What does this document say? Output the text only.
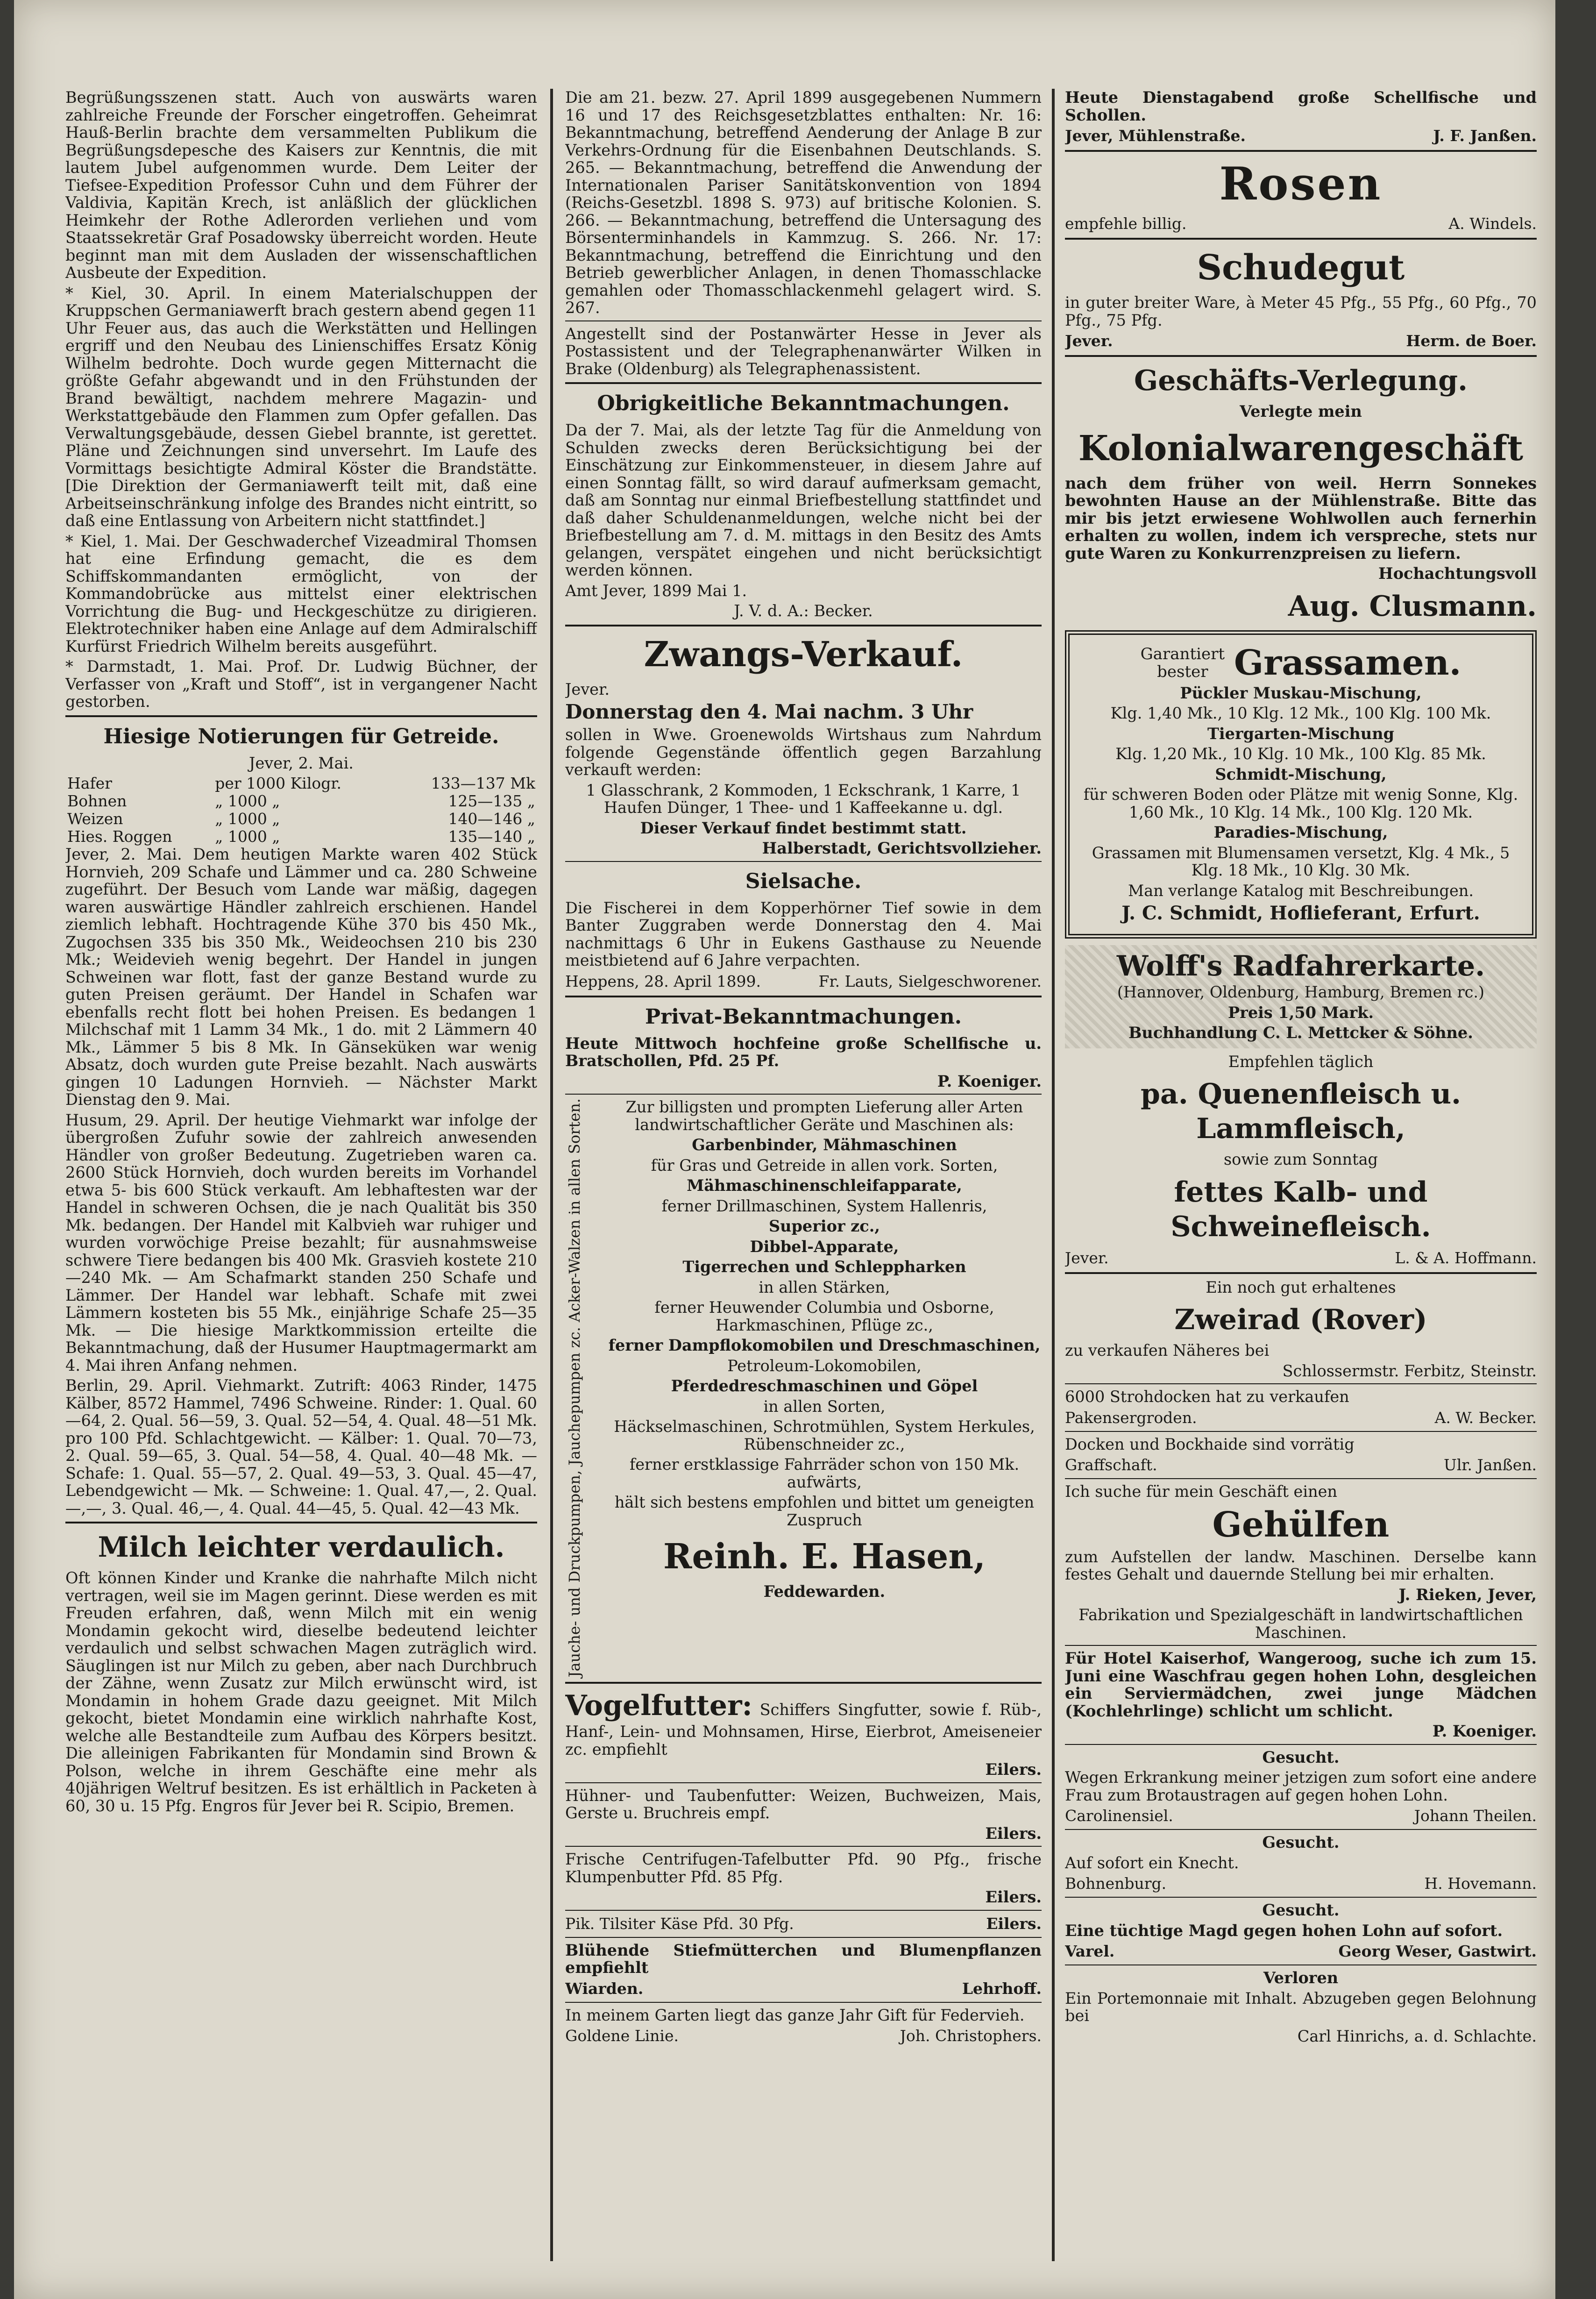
Begrüßungsszenen statt. Auch von auswärts waren zahlreiche Freunde der Forscher eingetroffen. Geheimrat Hauß-Berlin brachte dem versammelten Publikum die Begrüßungsdepesche des Kaisers zur Kenntnis, die mit lautem Jubel aufgenommen wurde. Dem Leiter der Tiefsee-Expedition Professor Cuhn und dem Führer der Valdivia, Kapitän Krech, ist anläßlich der glücklichen Heimkehr der Rothe Adlerorden verliehen und vom Staatssekretär Graf Posadowsky überreicht worden. Heute beginnt man mit dem Ausladen der wissenschaftlichen Ausbeute der Expedition.

* Kiel, 30. April. In einem Materialschuppen der Kruppschen Germaniawerft brach gestern abend gegen 11 Uhr Feuer aus, das auch die Werkstätten und Hellingen ergriff und den Neubau des Linienschiffes Ersatz König Wilhelm bedrohte. Doch wurde gegen Mitternacht die größte Gefahr abgewandt und in den Frühstunden der Brand bewältigt, nachdem mehrere Magazin- und Werkstattgebäude den Flammen zum Opfer gefallen. Das Verwaltungsgebäude, dessen Giebel brannte, ist gerettet. Pläne und Zeichnungen sind unversehrt. Im Laufe des Vormittags besichtigte Admiral Köster die Brandstätte. [Die Direktion der Germaniawerft teilt mit, daß eine Arbeitseinschränkung infolge des Brandes nicht eintritt, so daß eine Entlassung von Arbeitern nicht stattfindet.]

* Kiel, 1. Mai. Der Geschwaderchef Vizeadmiral Thomsen hat eine Erfindung gemacht, die es dem Schiffskommandanten ermöglicht, von der Kommandobrücke aus mittelst einer elektrischen Vorrichtung die Bug- und Heckgeschütze zu dirigieren. Elektrotechniker haben eine Anlage auf dem Admiralschiff Kurfürst Friedrich Wilhelm bereits ausgeführt.

* Darmstadt, 1. Mai. Prof. Dr. Ludwig Büchner, der Verfasser von „Kraft und Stoff“, ist in vergangener Nacht gestorben.

Hiesige Notierungen für Getreide.

Jever, 2. Mai.

Hafer	per 1000 Kilogr.	133—137 Mk
Bohnen	„ 1000 „	125—135 „
Weizen	„ 1000 „	140—146 „
Hies. Roggen	„ 1000 „	135—140 „

Jever, 2. Mai. Dem heutigen Markte waren 402 Stück Hornvieh, 209 Schafe und Lämmer und ca. 280 Schweine zugeführt. Der Besuch vom Lande war mäßig, dagegen waren auswärtige Händler zahlreich erschienen. Handel ziemlich lebhaft. Hochtragende Kühe 370 bis 450 Mk., Zugochsen 335 bis 350 Mk., Weideochsen 210 bis 230 Mk.; Weidevieh wenig begehrt. Der Handel in jungen Schweinen war flott, fast der ganze Bestand wurde zu guten Preisen geräumt. Der Handel in Schafen war ebenfalls recht flott bei hohen Preisen. Es bedangen 1 Milchschaf mit 1 Lamm 34 Mk., 1 do. mit 2 Lämmern 40 Mk., Lämmer 5 bis 8 Mk. In Gänseküken war wenig Absatz, doch wurden gute Preise bezahlt. Nach auswärts gingen 10 Ladungen Hornvieh. — Nächster Markt Dienstag den 9. Mai.

Husum, 29. April. Der heutige Viehmarkt war infolge der übergroßen Zufuhr sowie der zahlreich anwesenden Händler von großer Bedeutung. Zugetrieben waren ca. 2600 Stück Hornvieh, doch wurden bereits im Vorhandel etwa 5- bis 600 Stück verkauft. Am lebhaftesten war der Handel in schweren Ochsen, die je nach Qualität bis 350 Mk. bedangen. Der Handel mit Kalbvieh war ruhiger und wurden vorwöchige Preise bezahlt; für ausnahmsweise schwere Tiere bedangen bis 400 Mk. Grasvieh kostete 210—240 Mk. — Am Schafmarkt standen 250 Schafe und Lämmer. Der Handel war lebhaft. Schafe mit zwei Lämmern kosteten bis 55 Mk., einjährige Schafe 25—35 Mk. — Die hiesige Marktkommission erteilte die Bekanntmachung, daß der Husumer Hauptmagermarkt am 4. Mai ihren Anfang nehmen.

Berlin, 29. April. Viehmarkt. Zutrift: 4063 Rinder, 1475 Kälber, 8572 Hammel, 7496 Schweine. Rinder: 1. Qual. 60—64, 2. Qual. 56—59, 3. Qual. 52—54, 4. Qual. 48—51 Mk. pro 100 Pfd. Schlachtgewicht. — Kälber: 1. Qual. 70—73, 2. Qual. 59—65, 3. Qual. 54—58, 4. Qual. 40—48 Mk. — Schafe: 1. Qual. 55—57, 2. Qual. 49—53, 3. Qual. 45—47, Lebendgewicht — Mk. — Schweine: 1. Qual. 47,—, 2. Qual. —,—, 3. Qual. 46,—, 4. Qual. 44—45, 5. Qual. 42—43 Mk.

Milch leichter verdaulich.

Oft können Kinder und Kranke die nahrhafte Milch nicht vertragen, weil sie im Magen gerinnt. Diese werden es mit Freuden erfahren, daß, wenn Milch mit ein wenig Mondamin gekocht wird, dieselbe bedeutend leichter verdaulich und selbst schwachen Magen zuträglich wird. Säuglingen ist nur Milch zu geben, aber nach Durchbruch der Zähne, wenn Zusatz zur Milch erwünscht wird, ist Mondamin in hohem Grade dazu geeignet. Mit Milch gekocht, bietet Mondamin eine wirklich nahrhafte Kost, welche alle Bestandteile zum Aufbau des Körpers besitzt. Die alleinigen Fabrikanten für Mondamin sind Brown & Polson, welche in ihrem Geschäfte eine mehr als 40jährigen Weltruf besitzen. Es ist erhältlich in Packeten à 60, 30 u. 15 Pfg. Engros für Jever bei R. Scipio, Bremen.

Die am 21. bezw. 27. April 1899 ausgegebenen Nummern 16 und 17 des Reichsgesetzblattes enthalten: Nr. 16: Bekanntmachung, betreffend Aenderung der Anlage B zur Verkehrs-Ordnung für die Eisenbahnen Deutschlands. S. 265. — Bekanntmachung, betreffend die Anwendung der Internationalen Pariser Sanitätskonvention von 1894 (Reichs-Gesetzbl. 1898 S. 973) auf britische Kolonien. S. 266. — Bekanntmachung, betreffend die Untersagung des Börsenterminhandels in Kammzug. S. 266. Nr. 17: Bekanntmachung, betreffend die Einrichtung und den Betrieb gewerblicher Anlagen, in denen Thomasschlacke gemahlen oder Thomasschlackenmehl gelagert wird. S. 267.

Angestellt sind der Postanwärter Hesse in Jever als Postassistent und der Telegraphenanwärter Wilken in Brake (Oldenburg) als Telegraphenassistent.

Obrigkeitliche Bekanntmachungen.

Da der 7. Mai, als der letzte Tag für die Anmeldung von Schulden zwecks deren Berücksichtigung bei der Einschätzung zur Einkommensteuer, in diesem Jahre auf einen Sonntag fällt, so wird darauf aufmerksam gemacht, daß am Sonntag nur einmal Briefbestellung stattfindet und daß daher Schuldenanmeldungen, welche nicht bei der Briefbestellung am 7. d. M. mittags in den Besitz des Amts gelangen, verspätet eingehen und nicht berücksichtigt werden können.

Amt Jever, 1899 Mai 1.

J. V. d. A.: Becker.

Zwangs-Verkauf.

Jever.

Donnerstag den 4. Mai nachm. 3 Uhr

sollen in Wwe. Groenewolds Wirtshaus zum Nahrdum folgende Gegenstände öffentlich gegen Barzahlung verkauft werden:

1 Glasschrank, 2 Kommoden, 1 Eckschrank, 1 Karre, 1 Haufen Dünger, 1 Thee- und 1 Kaffeekanne u. dgl.

Dieser Verkauf findet bestimmt statt.

Halberstadt, Gerichtsvollzieher.

Sielsache.

Die Fischerei in dem Kopperhörner Tief sowie in dem Banter Zuggraben werde Donnerstag den 4. Mai nachmittags 6 Uhr in Eukens Gasthause zu Neuende meistbietend auf 6 Jahre verpachten.

Heppens, 28. April 1899.	Fr. Lauts, Sielgeschworener.
Privat-Bekanntmachungen.

Heute Mittwoch hochfeine große Schellfische u. Bratschollen, Pfd. 25 Pf.

P. Koeniger.

Jauche- und Druckpumpen, Jauchepumpen zc. Acker-Walzen in allen Sorten.	Zur billigsten und prompten Lieferung aller Arten landwirtschaftlicher Geräte und Maschinen als:

Garbenbinder, Mähmaschinen

für Gras und Getreide in allen vork. Sorten,

Mähmaschinenschleifapparate,

ferner Drillmaschinen, System Hallenris,

Superior zc.,

Dibbel-Apparate,

Tigerrechen und Schleppharken

in allen Stärken,

ferner Heuwender Columbia und Osborne, Harkmaschinen, Pflüge zc.,

ferner Dampflokomobilen und Dreschmaschinen,

Petroleum-Lokomobilen,

Pferdedreschmaschinen und Göpel

in allen Sorten,

Häckselmaschinen, Schrotmühlen, System Herkules, Rübenschneider zc.,

ferner erstklassige Fahrräder schon von 150 Mk. aufwärts,

hält sich bestens empfohlen und bittet um geneigten Zuspruch

Reinh. E. Hasen,

Feddewarden.

Vogelfutter: Schiffers Singfutter, sowie f. Rüb-, Hanf-, Lein- und Mohnsamen, Hirse, Eierbrot, Ameiseneier zc. empfiehlt

Eilers.

Hühner- und Taubenfutter: Weizen, Buchweizen, Mais, Gerste u. Bruchreis empf.

Eilers.

Frische Centrifugen-Tafelbutter Pfd. 90 Pfg., frische Klumpenbutter Pfd. 85 Pfg.

Eilers.

Pik. Tilsiter Käse Pfd. 30 Pfg.	Eilers.

Blühende Stiefmütterchen und Blumenpflanzen empfiehlt

Wiarden.	Lehrhoff.

In meinem Garten liegt das ganze Jahr Gift für Federvieh.

Goldene Linie.	Joh. Christophers.

Heute Dienstagabend große Schellfische und Schollen.

Jever, Mühlenstraße.	J. F. Janßen.
Rosen
empfehle billig.	A. Windels.
Schudegut

in guter breiter Ware, à Meter 45 Pfg., 55 Pfg., 60 Pfg., 70 Pfg., 75 Pfg.

Jever.	Herm. de Boer.
Geschäfts-Verlegung.

Verlegte mein

Kolonialwarengeschäft

nach dem früher von weil. Herrn Sonnekes bewohnten Hause an der Mühlenstraße. Bitte das mir bis jetzt erwiesene Wohlwollen auch fernerhin erhalten zu wollen, indem ich verspreche, stets nur gute Waren zu Konkurrenzpreisen zu liefern.

Hochachtungsvoll

Aug. Clusmann.
Garantiert
bester Grassamen.

Pückler Muskau-Mischung,

Klg. 1,40 Mk., 10 Klg. 12 Mk., 100 Klg. 100 Mk.

Tiergarten-Mischung

Klg. 1,20 Mk., 10 Klg. 10 Mk., 100 Klg. 85 Mk.

Schmidt-Mischung,

für schweren Boden oder Plätze mit wenig Sonne, Klg. 1,60 Mk., 10 Klg. 14 Mk., 100 Klg. 120 Mk.

Paradies-Mischung,

Grassamen mit Blumensamen versetzt, Klg. 4 Mk., 5 Klg. 18 Mk., 10 Klg. 30 Mk.

Man verlange Katalog mit Beschreibungen.

J. C. Schmidt, Hoflieferant, Erfurt.

Wolff's Radfahrerkarte.

(Hannover, Oldenburg, Hamburg, Bremen rc.)

Preis 1,50 Mark.

Buchhandlung C. L. Mettcker & Söhne.

Empfehlen täglich

pa. Quenenfleisch u. Lammfleisch,

sowie zum Sonntag

fettes Kalb- und Schweinefleisch.
Jever.	L. & A. Hoffmann.

Ein noch gut erhaltenes

Zweirad (Rover)

zu verkaufen Näheres bei

Schlossermstr. Ferbitz, Steinstr.

6000 Strohdocken hat zu verkaufen

Pakensergroden.	A. W. Becker.

Docken und Bockhaide sind vorrätig

Graffschaft.	Ulr. Janßen.

Ich suche für mein Geschäft einen

Gehülfen

zum Aufstellen der landw. Maschinen. Derselbe kann festes Gehalt und dauernde Stellung bei mir erhalten.

J. Rieken, Jever,

Fabrikation und Spezialgeschäft in landwirtschaftlichen Maschinen.

Für Hotel Kaiserhof, Wangeroog, suche ich zum 15. Juni eine Waschfrau gegen hohen Lohn, desgleichen ein Serviermädchen, zwei junge Mädchen (Kochlehrlinge) schlicht um schlicht.

P. Koeniger.

Gesucht.

Wegen Erkrankung meiner jetzigen zum sofort eine andere Frau zum Brotaustragen auf gegen hohen Lohn.

Carolinensiel.	Johann Theilen.

Gesucht.

Auf sofort ein Knecht.

Bohnenburg.	H. Hovemann.

Gesucht.

Eine tüchtige Magd gegen hohen Lohn auf sofort.

Varel.	Georg Weser, Gastwirt.

Verloren

Ein Portemonnaie mit Inhalt. Abzugeben gegen Belohnung bei

Carl Hinrichs, a. d. Schlachte.
